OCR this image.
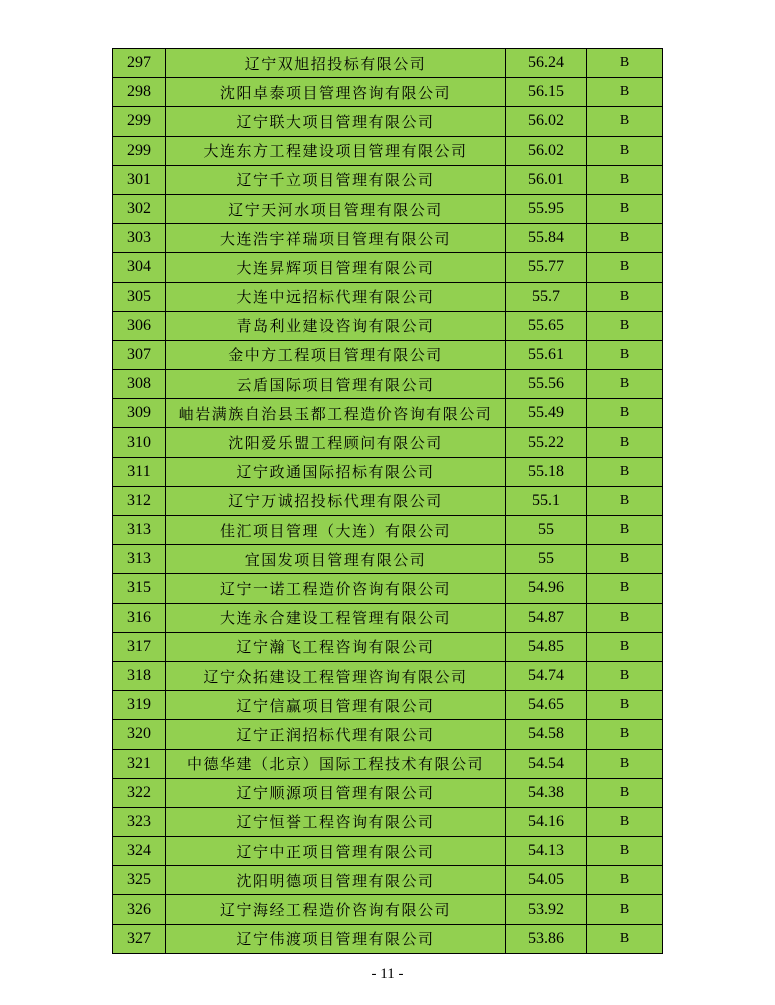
297	辽宁双旭招投标有限公司	56.24	B
298	沈阳卓泰项目管理咨询有限公司	56.15	B
299	辽宁联大项目管理有限公司	56.02	B
299	大连东方工程建设项目管理有限公司	56.02	B
301	辽宁千立项目管理有限公司	56.01	B
302	辽宁天河水项目管理有限公司	55.95	B
303	大连浩宇祥瑞项目管理有限公司	55.84	B
304	大连昇辉项目管理有限公司	55.77	B
305	大连中远招标代理有限公司	55.7	B
306	青岛利业建设咨询有限公司	55.65	B
307	金中方工程项目管理有限公司	55.61	B
308	云盾国际项目管理有限公司	55.56	B
309	岫岩满族自治县玉都工程造价咨询有限公司	55.49	B
310	沈阳爱乐盟工程顾问有限公司	55.22	B
311	辽宁政通国际招标有限公司	55.18	B
312	辽宁万诚招投标代理有限公司	55.1	B
313	佳汇项目管理（大连）有限公司	55	B
313	宜国发项目管理有限公司	55	B
315	辽宁一诺工程造价咨询有限公司	54.96	B
316	大连永合建设工程管理有限公司	54.87	B
317	辽宁瀚飞工程咨询有限公司	54.85	B
318	辽宁众拓建设工程管理咨询有限公司	54.74	B
319	辽宁信赢项目管理有限公司	54.65	B
320	辽宁正润招标代理有限公司	54.58	B
321	中德华建（北京）国际工程技术有限公司	54.54	B
322	辽宁顺源项目管理有限公司	54.38	B
323	辽宁恒誉工程咨询有限公司	54.16	B
324	辽宁中正项目管理有限公司	54.13	B
325	沈阳明德项目管理有限公司	54.05	B
326	辽宁海经工程造价咨询有限公司	53.92	B
327	辽宁伟渡项目管理有限公司	53.86	B
- 11 -
